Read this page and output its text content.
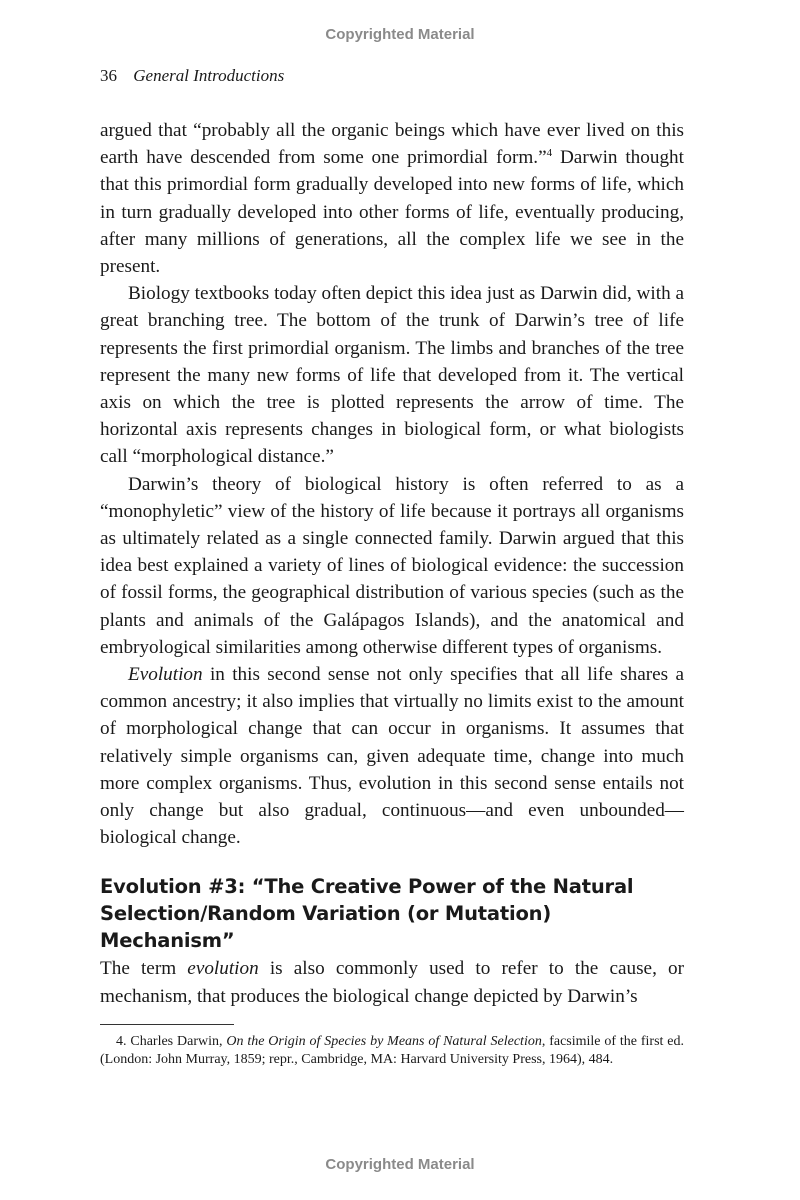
Copyrighted Material
36 General Introductions

argued that “probably all the organic beings which have ever lived on this earth have descended from some one primordial form.”$^4$ Darwin thought that this primordial form gradually developed into new forms of life, which in turn gradually developed into other forms of life, eventually producing, after many millions of generations, all the complex life we see in the present.

Biology textbooks today often depict this idea just as Darwin did, with a great branching tree. The bottom of the trunk of Darwin’s tree of life represents the first primordial organism. The limbs and branches of the tree represent the many new forms of life that developed from it. The vertical axis on which the tree is plotted represents the arrow of time. The horizontal axis represents changes in biological form, or what biologists call “morphological distance.”

Darwin’s theory of biological history is often referred to as a “monophyletic” view of the history of life because it portrays all organisms as ultimately related as a single connected family. Darwin argued that this idea best explained a variety of lines of biological evidence: the succession of fossil forms, the geographical distribution of various species (such as the plants and animals of the Galápagos Islands), and the anatomical and embryological similarities among otherwise different types of organisms.

Evolution in this second sense not only specifies that all life shares a common ancestry; it also implies that virtually no limits exist to the amount of morphological change that can occur in organisms. It assumes that relatively simple organisms can, given adequate time, change into much more complex organisms. Thus, evolution in this second sense entails not only change but also gradual, continuous—and even unbounded—biological change.

Evolution #3: “The Creative Power of the Natural Selection/Random Variation (or Mutation) Mechanism”

The term evolution is also commonly used to refer to the cause, or mechanism, that produces the biological change depicted by Darwin’s

4. Charles Darwin, On the Origin of Species by Means of Natural Selection, facsimile of the first ed. (London: John Murray, 1859; repr., Cambridge, MA: Harvard University Press, 1964), 484.
Copyrighted Material
